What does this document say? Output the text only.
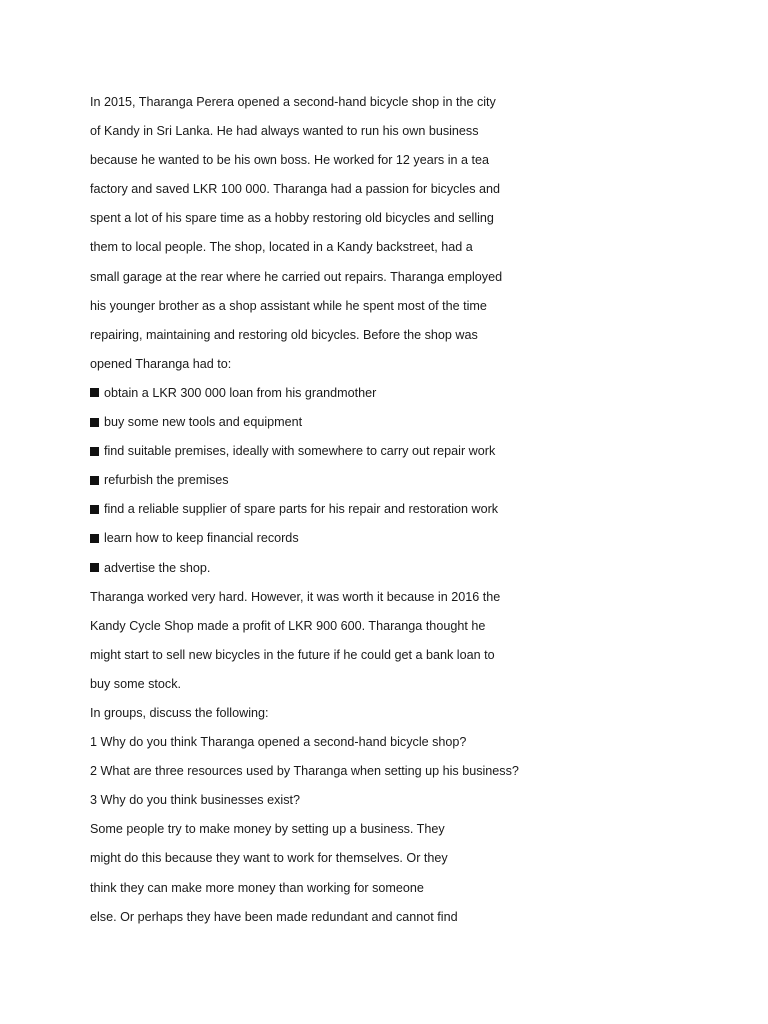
In 2015, Tharanga Perera opened a second-hand bicycle shop in the city
of Kandy in Sri Lanka. He had always wanted to run his own business
because he wanted to be his own boss. He worked for 12 years in a tea
factory and saved LKR 100 000. Tharanga had a passion for bicycles and
spent a lot of his spare time as a hobby restoring old bicycles and selling
them to local people. The shop, located in a Kandy backstreet, had a
small garage at the rear where he carried out repairs. Tharanga employed
his younger brother as a shop assistant while he spent most of the time
repairing, maintaining and restoring old bicycles. Before the shop was
opened Tharanga had to:
obtain a LKR 300 000 loan from his grandmother
buy some new tools and equipment
find suitable premises, ideally with somewhere to carry out repair work
refurbish the premises
find a reliable supplier of spare parts for his repair and restoration work
learn how to keep financial records
advertise the shop.
Tharanga worked very hard. However, it was worth it because in 2016 the
Kandy Cycle Shop made a profit of LKR 900 600. Tharanga thought he
might start to sell new bicycles in the future if he could get a bank loan to
buy some stock.
In groups, discuss the following:
1 Why do you think Tharanga opened a second-hand bicycle shop?
2 What are three resources used by Tharanga when setting up his business?
3 Why do you think businesses exist?
Some people try to make money by setting up a business. They
might do this because they want to work for themselves. Or they
think they can make more money than working for someone
else. Or perhaps they have been made redundant and cannot find
